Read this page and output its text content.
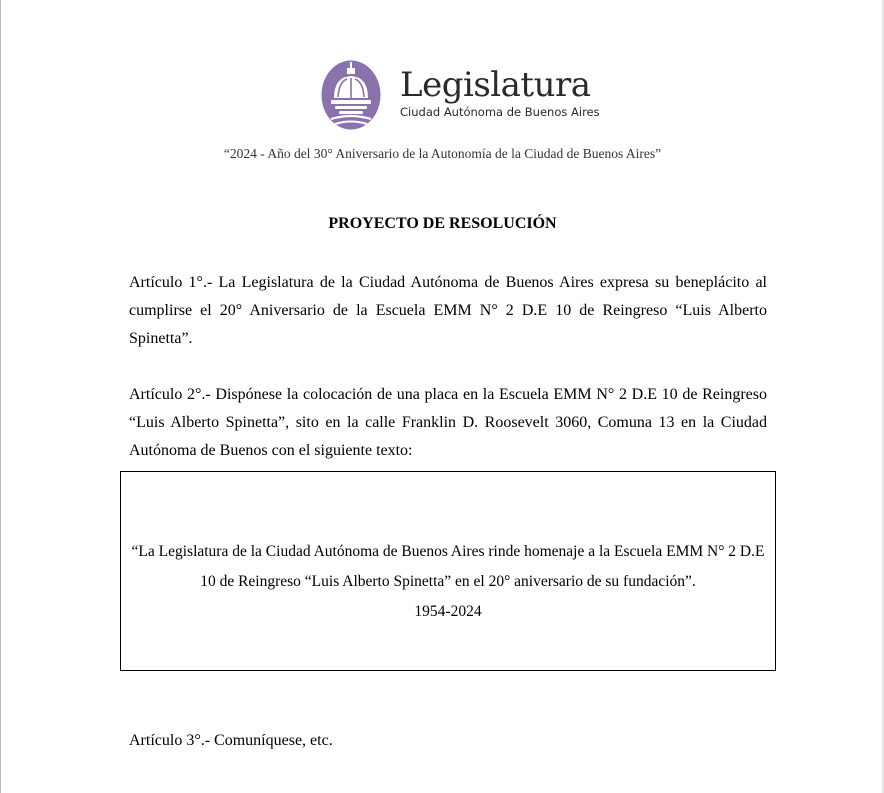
Legislatura
Ciudad Autónoma de Buenos Aires
“2024 - Año del 30° Aniversario de la Autonomía de la Ciudad de Buenos Aires”
PROYECTO DE RESOLUCIÓN

Artículo 1°.- La Legislatura de la Ciudad Autónoma de Buenos Aires expresa su beneplácito al cumplirse el 20° Aniversario de la Escuela EMM N° 2 D.E 10 de Reingreso “Luis Alberto Spinetta”.

Artículo 2°.- Dispónese la colocación de una placa en la Escuela EMM N° 2 D.E 10 de Reingreso “Luis Alberto Spinetta”, sito en la calle Franklin D. Roosevelt 3060, Comuna 13 en la Ciudad Autónoma de Buenos con el siguiente texto:

“La Legislatura de la Ciudad Autónoma de Buenos Aires rinde homenaje a la Escuela EMM N° 2 D.E 10 de Reingreso “Luis Alberto Spinetta” en el 20° aniversario de su fundación”.
1954-2024

Artículo 3°.- Comuníquese, etc.
